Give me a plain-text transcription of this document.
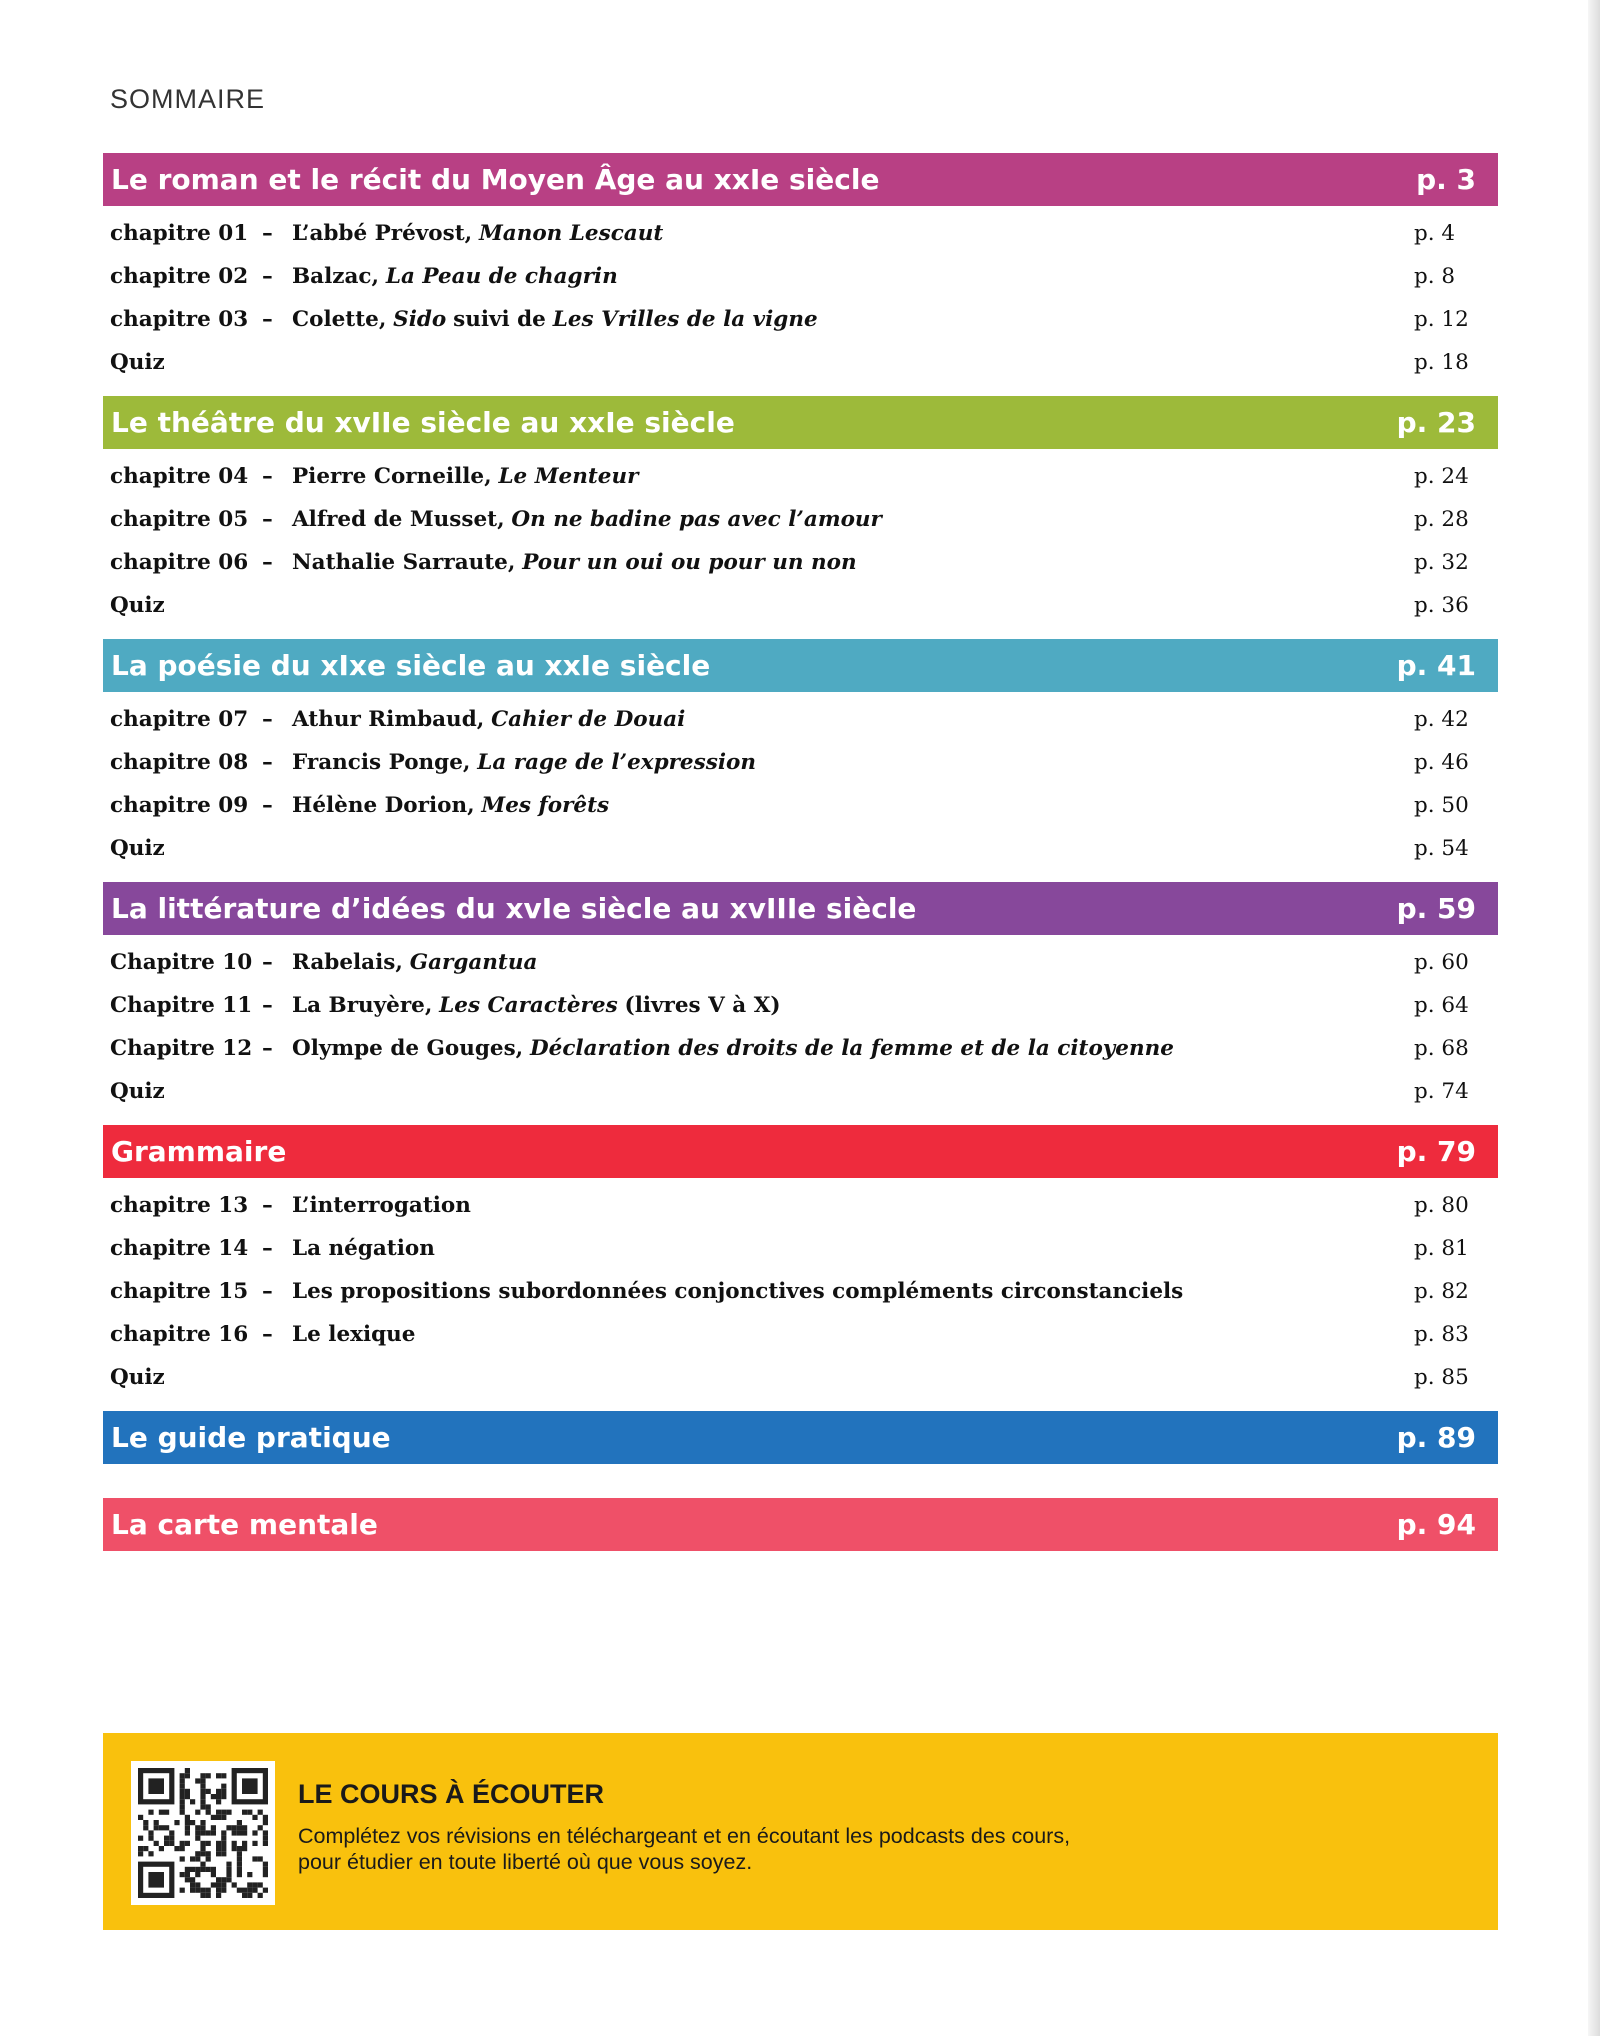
SOMMAIRE
Le roman et le récit du Moyen Âge au xxIe siècle	p. 3
chapitre 01 – L’abbé Prévost,
Manon Lescaut	p. 4
chapitre 02 – Balzac,
La Peau de chagrin	p. 8
chapitre 03 – Colette,
Sido
suivi de
Les Vrilles de la vigne	p. 12
Quiz	p. 18
Le théâtre du xvIIe siècle au xxIe siècle	p. 23
chapitre 04 – Pierre Corneille,
Le Menteur	p. 24
chapitre 05 – Alfred de Musset,
On ne badine pas avec l’amour	p. 28
chapitre 06 – Nathalie Sarraute,
Pour un oui ou pour un non	p. 32
Quiz	p. 36
La poésie du xIxe siècle au xxIe siècle	p. 41
chapitre 07 – Athur Rimbaud,
Cahier de Douai	p. 42
chapitre 08 – Francis Ponge,
La rage de l’expression	p. 46
chapitre 09 – Hélène Dorion,
Mes forêts	p. 50
Quiz	p. 54
La littérature d’idées du xvIe siècle au xvIIIe siècle	p. 59
Chapitre 10 – Rabelais,
Gargantua	p. 60
Chapitre 11 – La Bruyère,
Les Caractères
(livres V à X)	p. 64
Chapitre 12 – Olympe de Gouges,
Déclaration des droits de la femme et de la citoyenne	p. 68
Quiz	p. 74
Grammaire	p. 79
chapitre 13 – L’interrogation	p. 80
chapitre 14 – La négation	p. 81
chapitre 15 – Les propositions subordonnées conjonctives compléments circonstanciels	p. 82
chapitre 16 – Le lexique	p. 83
Quiz	p. 85
Le guide pratique	p. 89
La carte mentale	p. 94
LE COURS À ÉCOUTER
Complétez vos révisions en téléchargeant et en écoutant les podcasts des cours,
pour étudier en toute liberté où que vous soyez.
